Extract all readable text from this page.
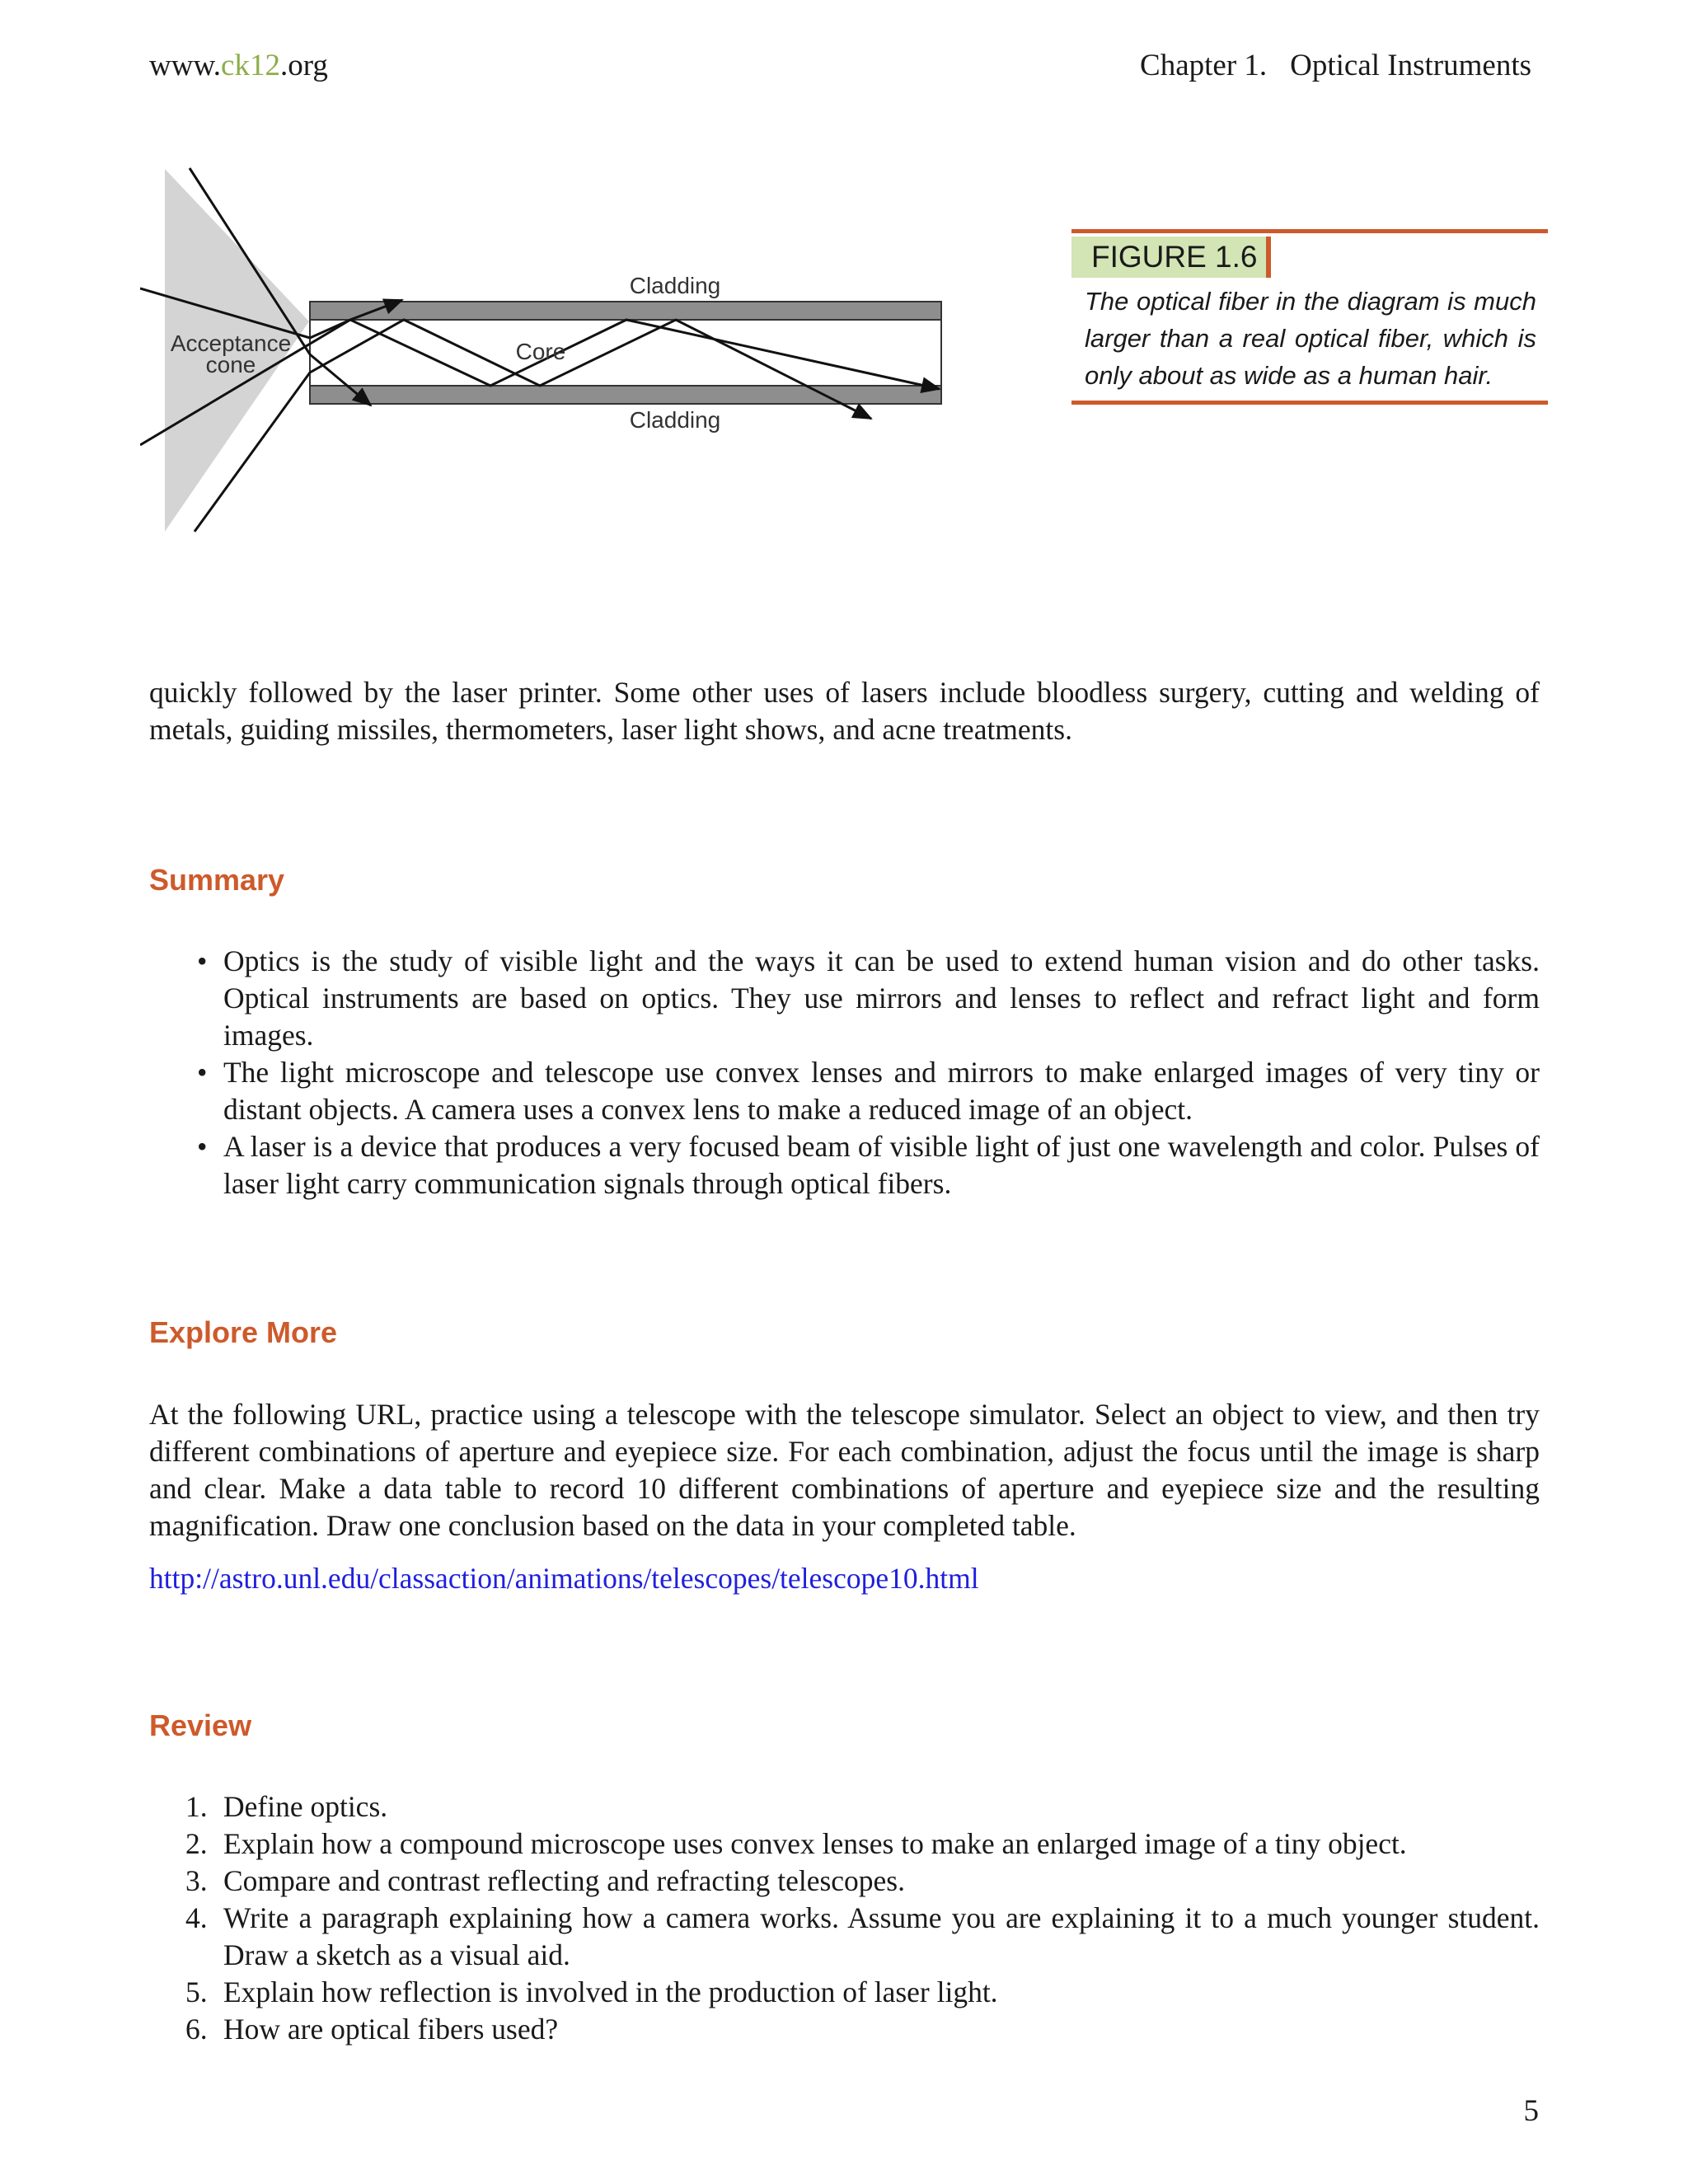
www.ck12.org	Chapter 1. Optical Instruments
Acceptance
cone
Cladding
Core
Cladding
FIGURE 1.6
The optical fiber in the diagram is much larger than a real optical fiber, which is only about as wide as a human hair.

quickly followed by the laser printer. Some other uses of lasers include bloodless surgery, cutting and welding of metals, guiding missiles, thermometers, laser light shows, and acne treatments.

Summary
• Optics is the study of visible light and the ways it can be used to extend human vision and do other tasks. Optical instruments are based on optics. They use mirrors and lenses to reflect and refract light and form images.
• The light microscope and telescope use convex lenses and mirrors to make enlarged images of very tiny or distant objects. A camera uses a convex lens to make a reduced image of an object.
• A laser is a device that produces a very focused beam of visible light of just one wavelength and color. Pulses of laser light carry communication signals through optical fibers.
Explore More

At the following URL, practice using a telescope with the telescope simulator. Select an object to view, and then try different combinations of aperture and eyepiece size. For each combination, adjust the focus until the image is sharp and clear. Make a data table to record 10 different combinations of aperture and eyepiece size and the resulting magnification. Draw one conclusion based on the data in your completed table.

http://astro.unl.edu/classaction/animations/telescopes/telescope10.html
Review
1. Define optics.
2. Explain how a compound microscope uses convex lenses to make an enlarged image of a tiny object.
3. Compare and contrast reflecting and refracting telescopes.
4. Write a paragraph explaining how a camera works. Assume you are explaining it to a much younger student. Draw a sketch as a visual aid.
5. Explain how reflection is involved in the production of laser light.
6. How are optical fibers used?
5
